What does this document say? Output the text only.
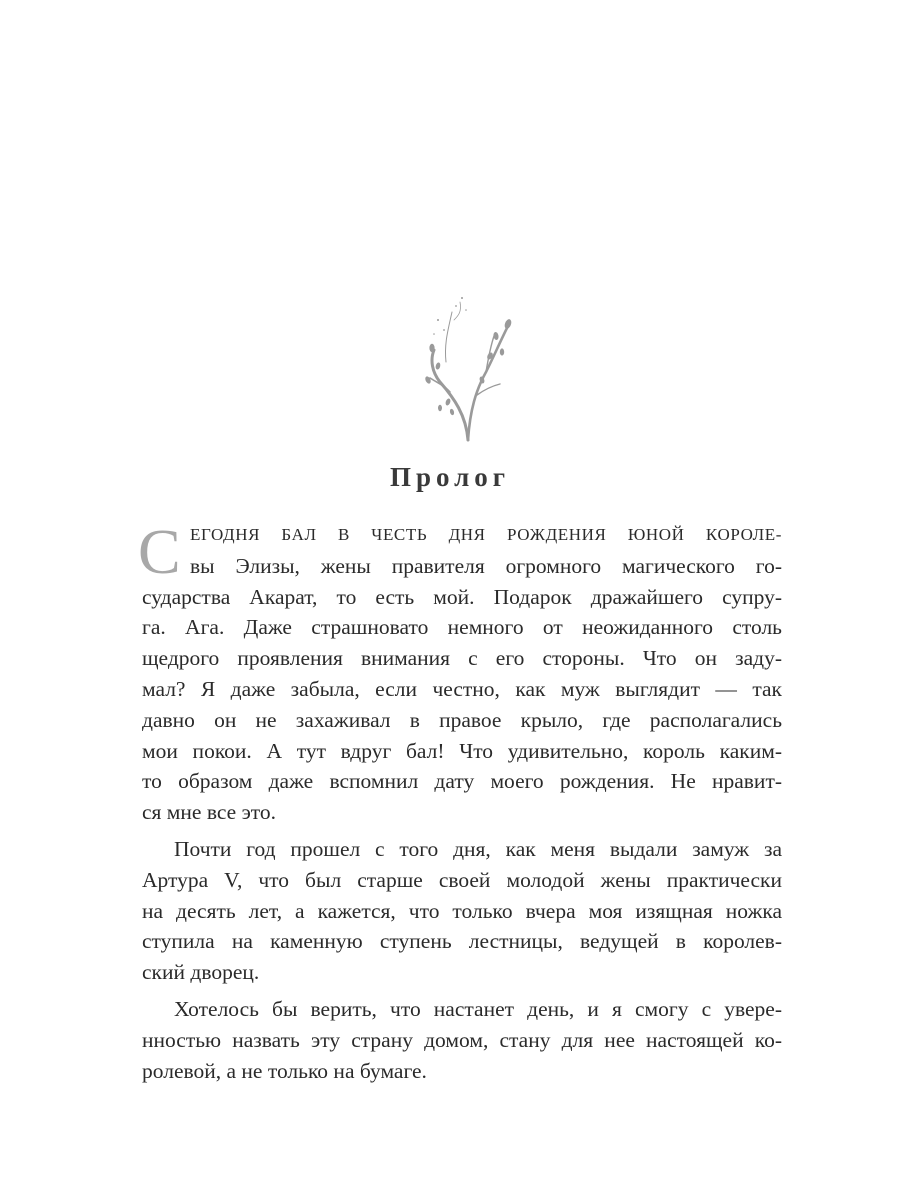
Пролог
С ЕГОДНЯ БАЛ В ЧЕСТЬ ДНЯ РОЖДЕНИЯ ЮНОЙ КОРОЛЕ-
вы Элизы, жены правителя огромного магического го-
сударства Акарат, то есть мой. Подарок дражайшего супру-
га. Ага. Даже страшновато немного от неожиданного столь
щедрого проявления внимания с его стороны. Что он заду-
мал? Я даже забыла, если честно, как муж выглядит — так
давно он не захаживал в правое крыло, где располагались
мои покои. А тут вдруг бал! Что удивительно, король каким-
то образом даже вспомнил дату моего рождения. Не нравит-
ся мне все это.
Почти год прошел с того дня, как меня выдали замуж за
Артура V, что был старше своей молодой жены практически
на десять лет, а кажется, что только вчера моя изящная ножка
ступила на каменную ступень лестницы, ведущей в королев-
ский дворец.
Хотелось бы верить, что настанет день, и я смогу с увере-
нностью назвать эту страну домом, стану для нее настоящей ко-
ролевой, а не только на бумаге.
